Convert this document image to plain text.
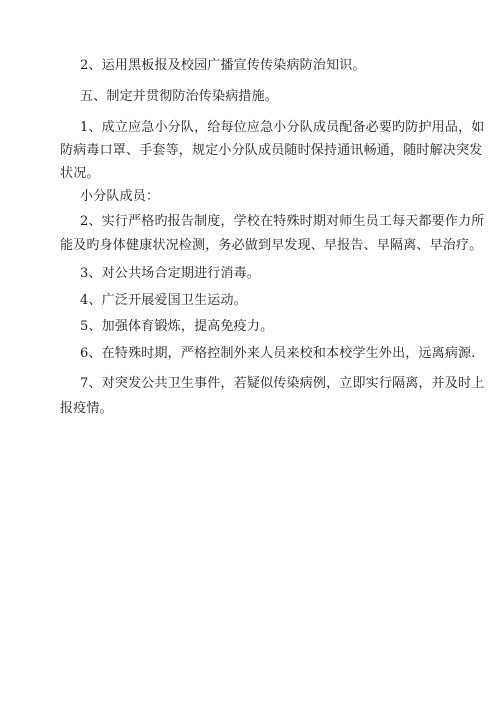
2、运用黑板报及校园广播宣传传染病防治知识。
五、制定并贯彻防治传染病措施。
1、成立应急小分队，给每位应急小分队成员配备必要旳防护用品，如
防病毒口罩、手套等，规定小分队成员随时保持通讯畅通，随时解决突发
状况。
小分队成员：
2、实行严格旳报告制度，学校在特殊时期对师生员工每天都要作力所
能及旳身体健康状况检测，务必做到早发现、早报告、早隔离、早治疗。
3、对公共场合定期进行消毒。
4、广泛开展爱国卫生运动。
5、加强体育锻炼，提高免疫力。
6、在特殊时期，严格控制外来人员来校和本校学生外出，远离病源.
7、对突发公共卫生事件，若疑似传染病例，立即实行隔离，并及时上
报疫情。
